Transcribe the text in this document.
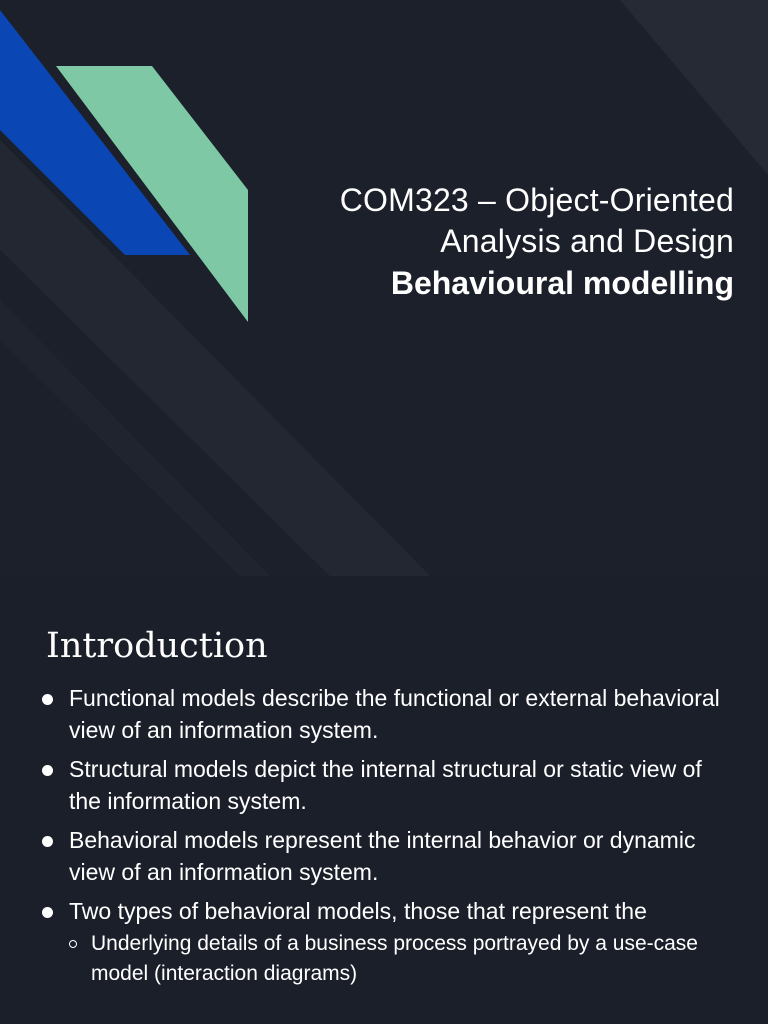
COM323 – Object-Oriented
Analysis and Design
Behavioural modelling
Introduction
Functional models describe the functional or external behavioral view of an information system.
Structural models depict the internal structural or static view of the information system.
Behavioral models represent the internal behavior or dynamic view of an information system.
Two types of behavioral models, those that represent the
Underlying details of a business process portrayed by a use-case model (interaction diagrams)
